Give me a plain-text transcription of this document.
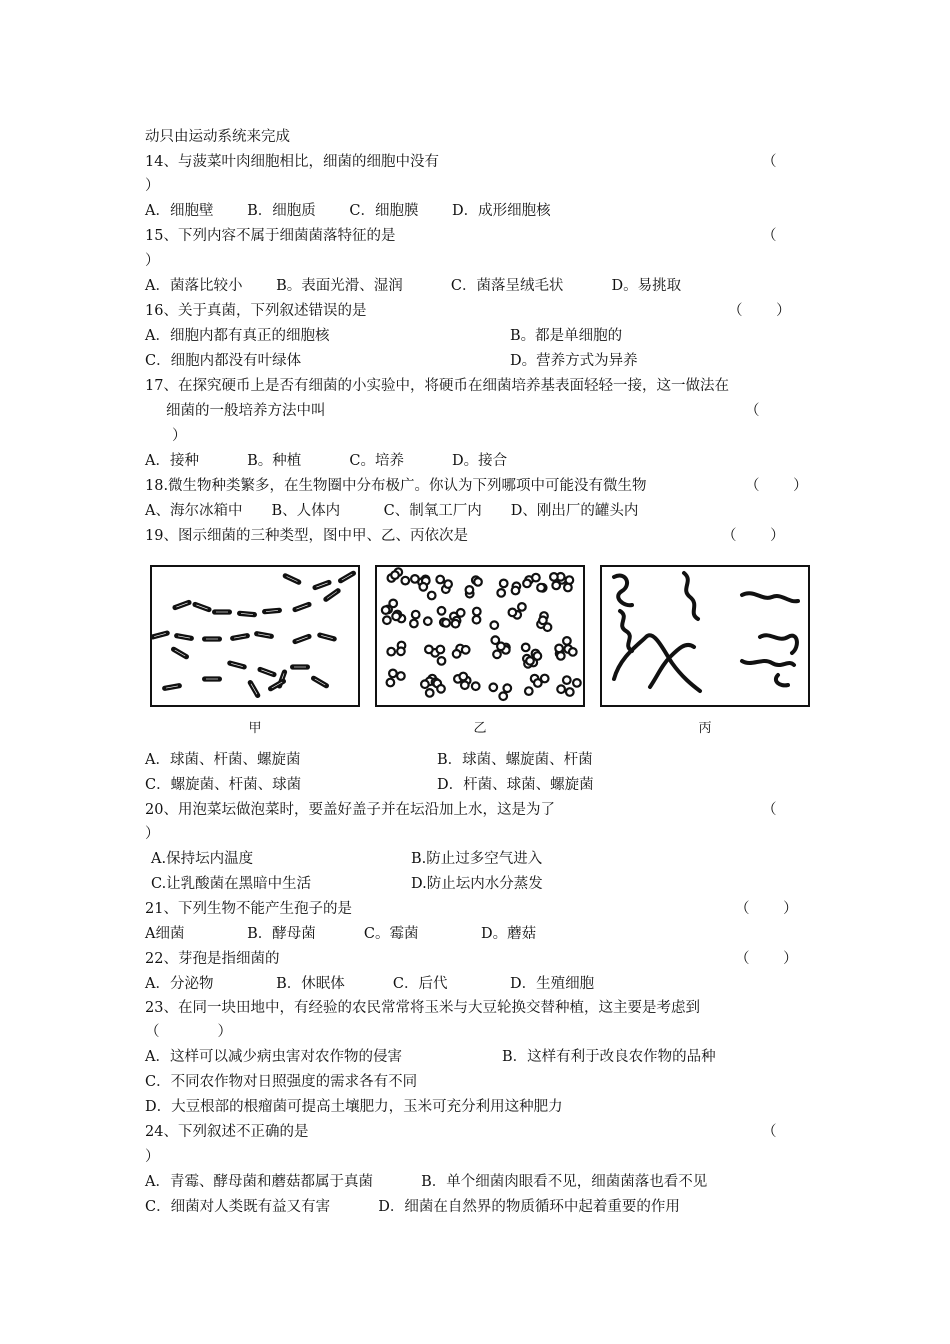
动只由运动系统来完成
14、与菠菜叶肉细胞相比，细菌的细胞中没有	（
）
A．细胞壁　　 B．细胞质　　 C．细胞膜　　 D．成形细胞核
15、下列内容不属于细菌菌落特征的是	（
）
A．菌落比较小　　 B。表面光滑、湿润　　　 C．菌落呈绒毛状　　　 D。易挑取
16、关于真菌，下列叙述错误的是	（　　 ）
A．细胞内都有真正的细胞核	B。都是单细胞的
C．细胞内都没有叶绿体	D。营养方式为异养
17、在探究硬币上是否有细菌的小实验中，将硬币在细菌培养基表面轻轻一接，这一做法在
细菌的一般培养方法中叫	（
）
A．接种　　　 B。种植　　　 C。培养　　　 D。接合
18.微生物种类繁多，在生物圈中分布极广。你认为下列哪项中可能没有微生物	（　　 ）
A、海尔冰箱中　　B、人体内　　　C、制氧工厂内　　D、刚出厂的罐头内
19、图示细菌的三种类型，图中甲、乙、丙依次是	（　　 ）
甲	乙	丙
A．球菌、杆菌、螺旋菌	B．球菌、螺旋菌、杆菌
C．螺旋菌、杆菌、球菌	D．杆菌、球菌、螺旋菌
20、用泡菜坛做泡菜时，要盖好盖子并在坛沿加上水，这是为了	（
）
A.保持坛内温度	B.防止过多空气进入
C.让乳酸菌在黑暗中生活	D.防止坛内水分蒸发
21、下列生物不能产生孢子的是	（　　 ）
A细菌　　　　 B．酵母菌　　　 C。霉菌　　　　 D。蘑菇
22、芽孢是指细菌的	（　　 ）
A．分泌物　　　　 B．休眠体　　　 C．后代　　　　 D．生殖细胞
23、在同一块田地中，有经验的农民常常将玉米与大豆轮换交替种植，这主要是考虑到
（　　　　）
A．这样可以减少病虫害对农作物的侵害	B．这样有利于改良农作物的品种
C．不同农作物对日照强度的需求各有不同
D．大豆根部的根瘤菌可提高土壤肥力，玉米可充分利用这种肥力
24、下列叙述不正确的是	（
）
A．青霉、酵母菌和蘑菇都属于真菌　　　 B．单个细菌肉眼看不见，细菌菌落也看不见
C．细菌对人类既有益又有害　　　 D．细菌在自然界的物质循环中起着重要的作用
